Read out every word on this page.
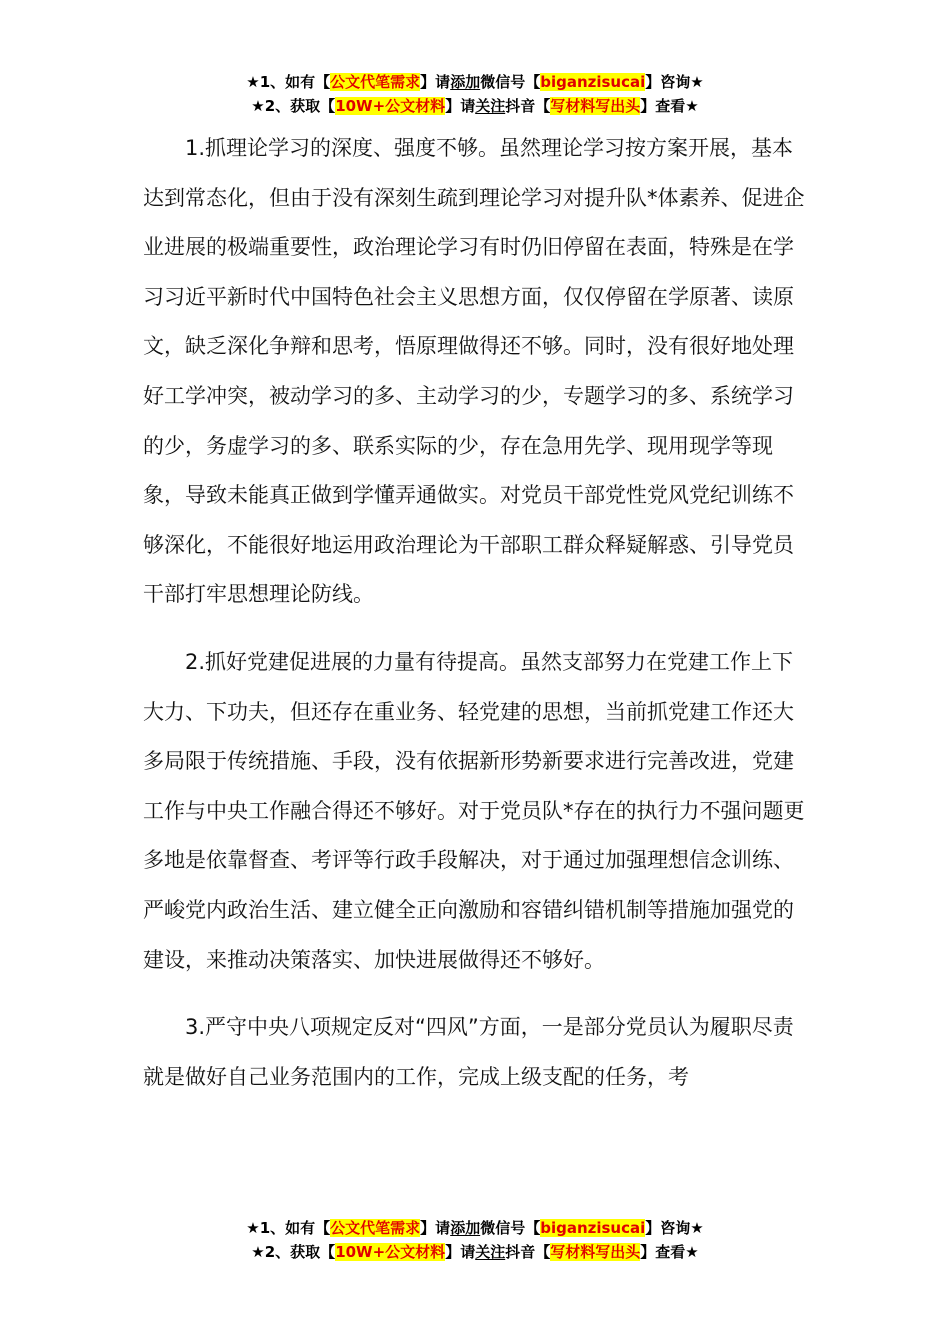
★1、如有【公文代笔需求】请添加微信号【biganzisucai】咨询★
★2、获取【10W+公文材料】请关注抖音【写材料写出头】查看★

1.抓理论学习的深度、强度不够。虽然理论学习按方案开展，基本达到常态化，但由于没有深刻生疏到理论学习对提升队*体素养、促进企业进展的极端重要性，政治理论学习有时仍旧停留在表面，特殊是在学习习近平新时代中国特色社会主义思想方面，仅仅停留在学原著、读原文，缺乏深化争辩和思考，悟原理做得还不够。同时，没有很好地处理好工学冲突，被动学习的多、主动学习的少，专题学习的多、系统学习的少，务虚学习的多、联系实际的少，存在急用先学、现用现学等现象，导致未能真正做到学懂弄通做实。对党员干部党性党风党纪训练不够深化，不能很好地运用政治理论为干部职工群众释疑解惑、引导党员干部打牢思想理论防线。

2.抓好党建促进展的力量有待提高。虽然支部努力在党建工作上下大力、下功夫，但还存在重业务、轻党建的思想，当前抓党建工作还大多局限于传统措施、手段，没有依据新形势新要求进行完善改进，党建工作与中央工作融合得还不够好。对于党员队*存在的执行力不强问题更多地是依靠督查、考评等行政手段解决，对于通过加强理想信念训练、严峻党内政治生活、建立健全正向激励和容错纠错机制等措施加强党的建设，来推动决策落实、加快进展做得还不够好。

3.严守中央八项规定反对“四风”方面，一是部分党员认为履职尽责就是做好自己业务范围内的工作，完成上级支配的任务，考

★1、如有【公文代笔需求】请添加微信号【biganzisucai】咨询★
★2、获取【10W+公文材料】请关注抖音【写材料写出头】查看★
